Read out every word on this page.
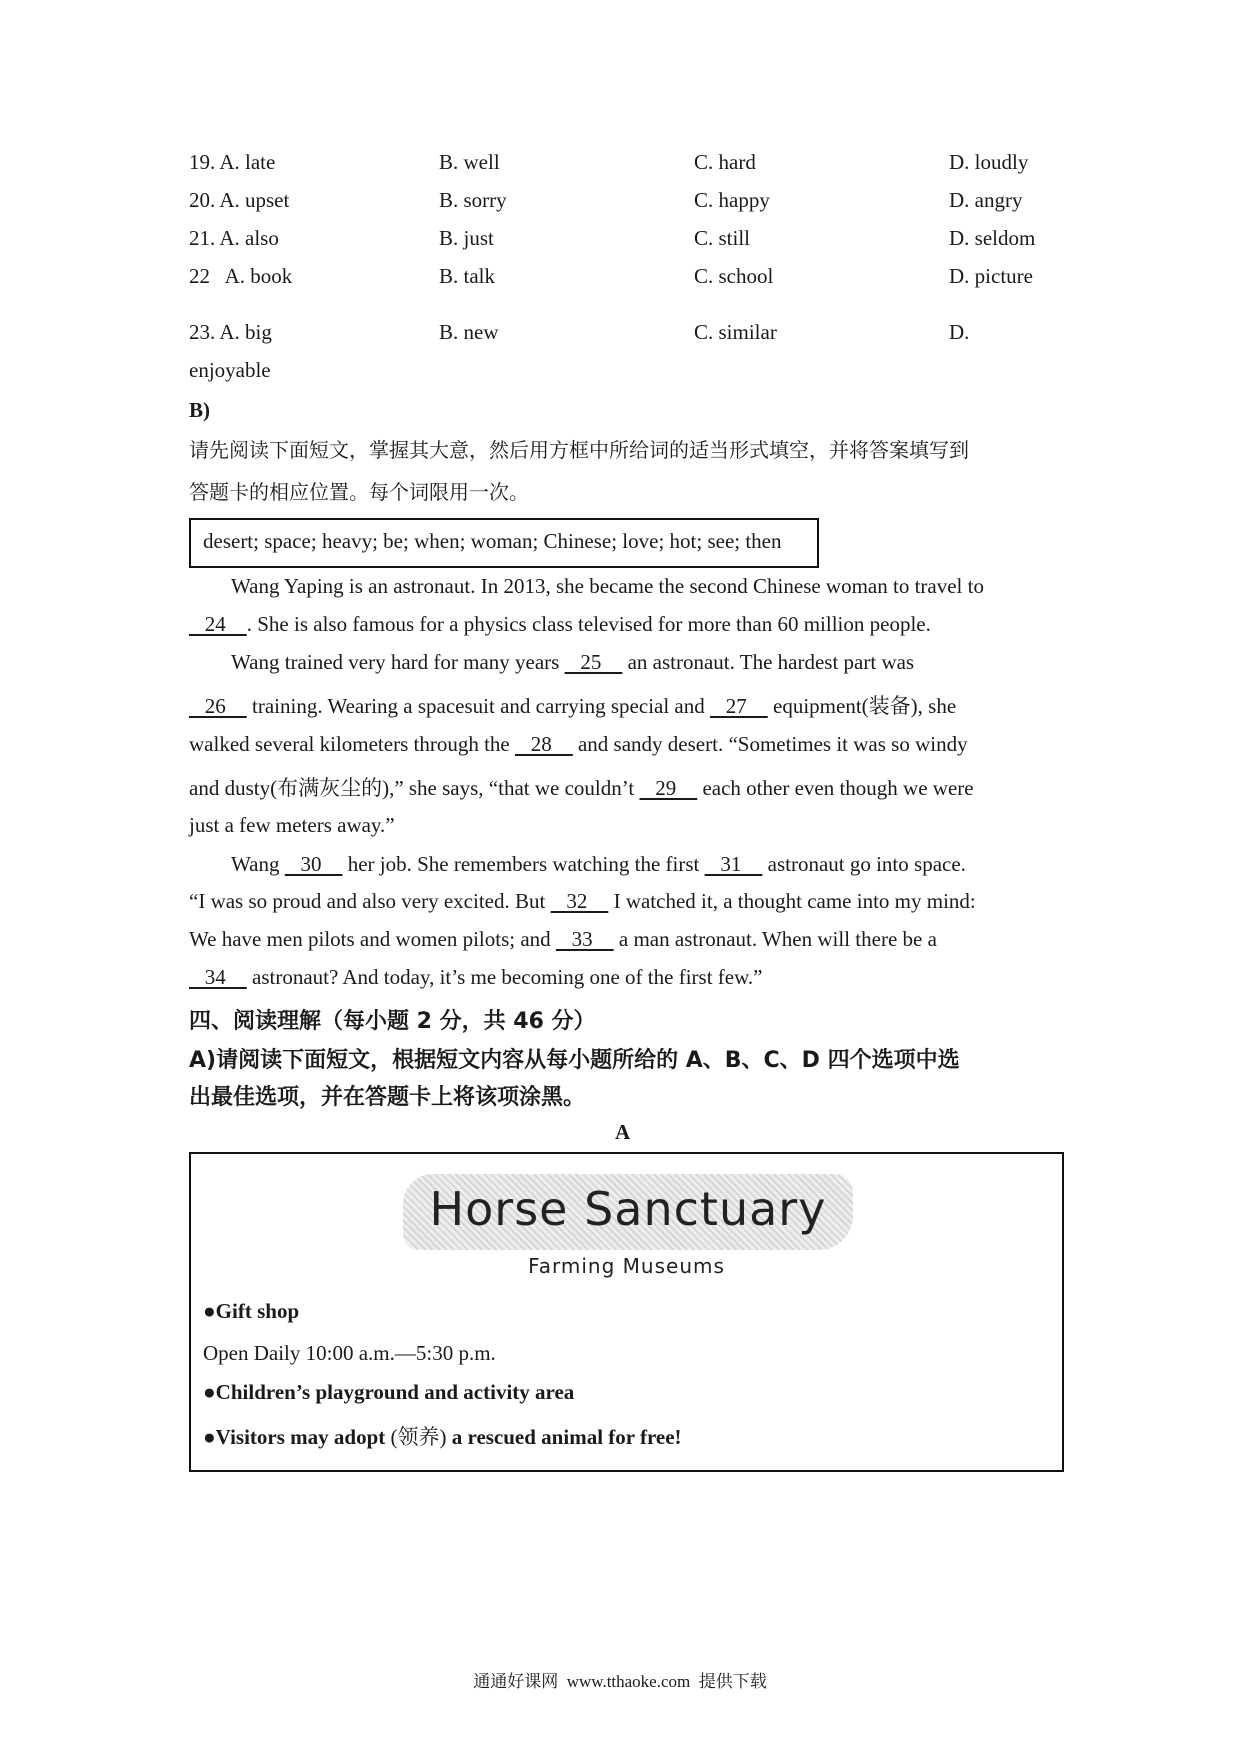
19. A. late	B. well	C. hard	D. loudly
20. A. upset	B. sorry	C. happy	D. angry
21. A. also	B. just	C. still	D. seldom
22   A. book	B. talk	C. school	D. picture
23. A. big	B. new	C. similar	D.
enjoyable
B)
请先阅读下面短文，掌握其大意，然后用方框中所给词的适当形式填空，并将答案填写到
答题卡的相应位置。每个词限用一次。
desert; space; heavy; be; when; woman; Chinese; love; hot; see; then
Wang Yaping is an astronaut. In 2013, she became the second Chinese woman to travel to
24    . She is also famous for a physics class televised for more than 60 million people.
Wang trained very hard for many years    25     an astronaut. The hardest part was
26     training. Wearing a spacesuit and carrying special and    27     equipment(装备), she
walked several kilometers through the    28     and sandy desert. “Sometimes it was so windy
and dusty(布满灰尘的),” she says, “that we couldn’t    29     each other even though we were
just a few meters away.”
Wang    30     her job. She remembers watching the first    31     astronaut go into space.
“I was so proud and also very excited. But    32     I watched it, a thought came into my mind:
We have men pilots and women pilots; and    33     a man astronaut. When will there be a
34     astronaut? And today, it’s me becoming one of the first few.”
四、阅读理解（每小题 2 分，共 46 分）
A)请阅读下面短文，根据短文内容从每小题所给的 A、B、C、D 四个选项中选
出最佳选项，并在答题卡上将该项涂黑。
A
Horse Sanctuary
Farming Museums
●Gift shop
Open Daily 10:00 a.m.—5:30 p.m.
●Children’s playground and activity area
●Visitors may adopt (领养) a rescued animal for free!
通通好课网  www.tthaoke.com  提供下载
